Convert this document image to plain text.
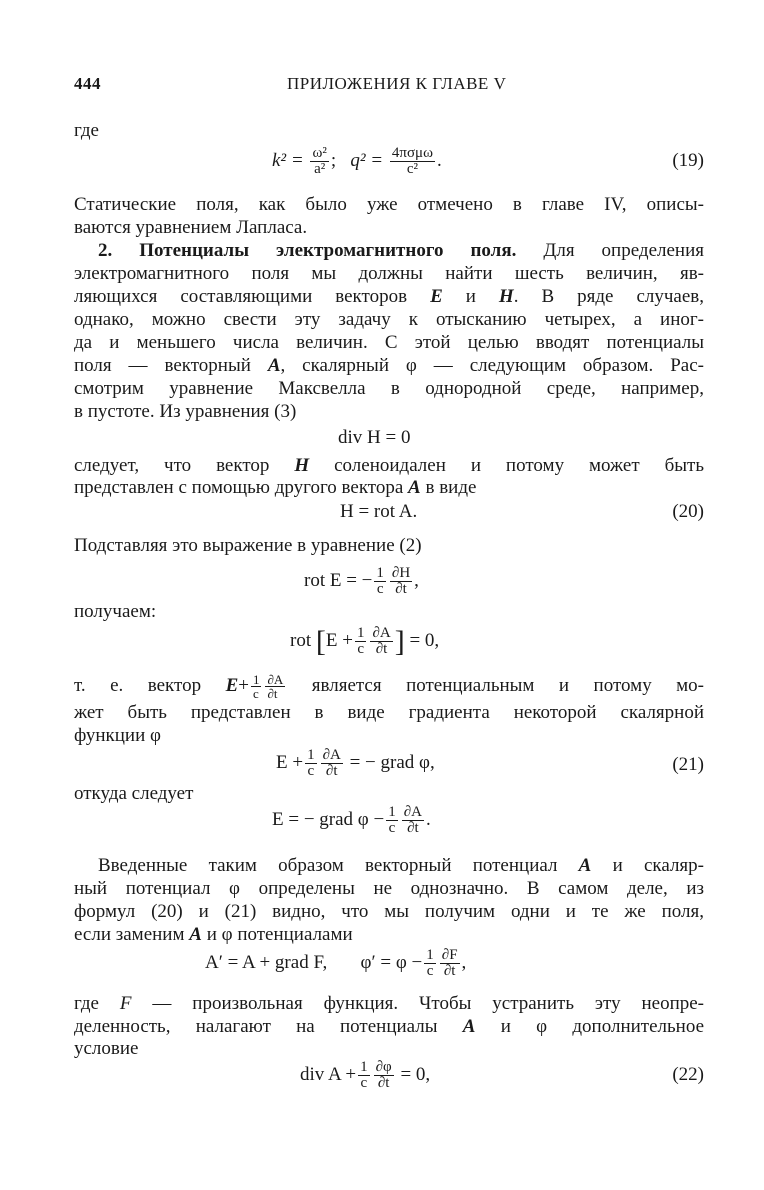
444	ПРИЛОЖЕНИЯ К ГЛАВЕ V
где
$k^2 = \frac{\text{ω²}}{\text{a²}}$ ; $q^2 = \frac{\text{4πσμω}}{\text{c²}}$ .	(19)
Статические поля, как было уже отмечено в главе IV, описы-
ваются уравнением Лапласа.
2. Потенциалы электромагнитного поля. Для определения
электромагнитного поля мы должны найти шесть величин, яв-
ляющихся составляющими векторов E и H. В ряде случаев,
однако, можно свести эту задачу к отысканию четырех, а иног-
да и меньшего числа величин. С этой целью вводят потенциалы
поля — векторный A, скалярный φ — следующим образом. Рас-
смотрим уравнение Максвелла в однородной среде, например,
в пустоте. Из уравнения (3)
div H = 0
следует, что вектор H соленоидален и потому может быть
представлен с помощью другого вектора A в виде
H = rot A.	(20)
Подставляя это выражение в уравнение (2)
rot E = − $\frac{1}{c} \frac{\partial H}{\partial t}$ ,
получаем:
rot [$E + \frac{1}{c} \frac{\partial A}{\partial t}$ ] = 0,
т. е. вектор $E+ \frac{1}{c} \frac{\partial A}{\partial t}$ является потенциальным и потому мо-
жет быть представлен в виде градиента некоторой скалярной
функции φ
$E + \frac{1}{c} \frac{\partial A}{\partial t}$ = − grad φ,	(21)
откуда следует
E = − grad $\varphi - \frac{1}{c} \frac{\partial A}{\partial t}$ .
Введенные таким образом векторный потенциал A и скаляр-
ный потенциал φ определены не однозначно. В самом деле, из
формул (20) и (21) видно, что мы получим одни и те же поля,
если заменим A и φ потенциалами
A′ = A + grad F, $\varphi' = \varphi - \frac{1}{c} \frac{\partial F}{\partial t}$ ,
где F — произвольная функция. Чтобы устранить эту неопре-
деленность, налагают на потенциалы A и φ дополнительное
условие
div $A + \frac{1}{c} \frac{\partial\varphi}{\partial t} = 0$,	(22)
